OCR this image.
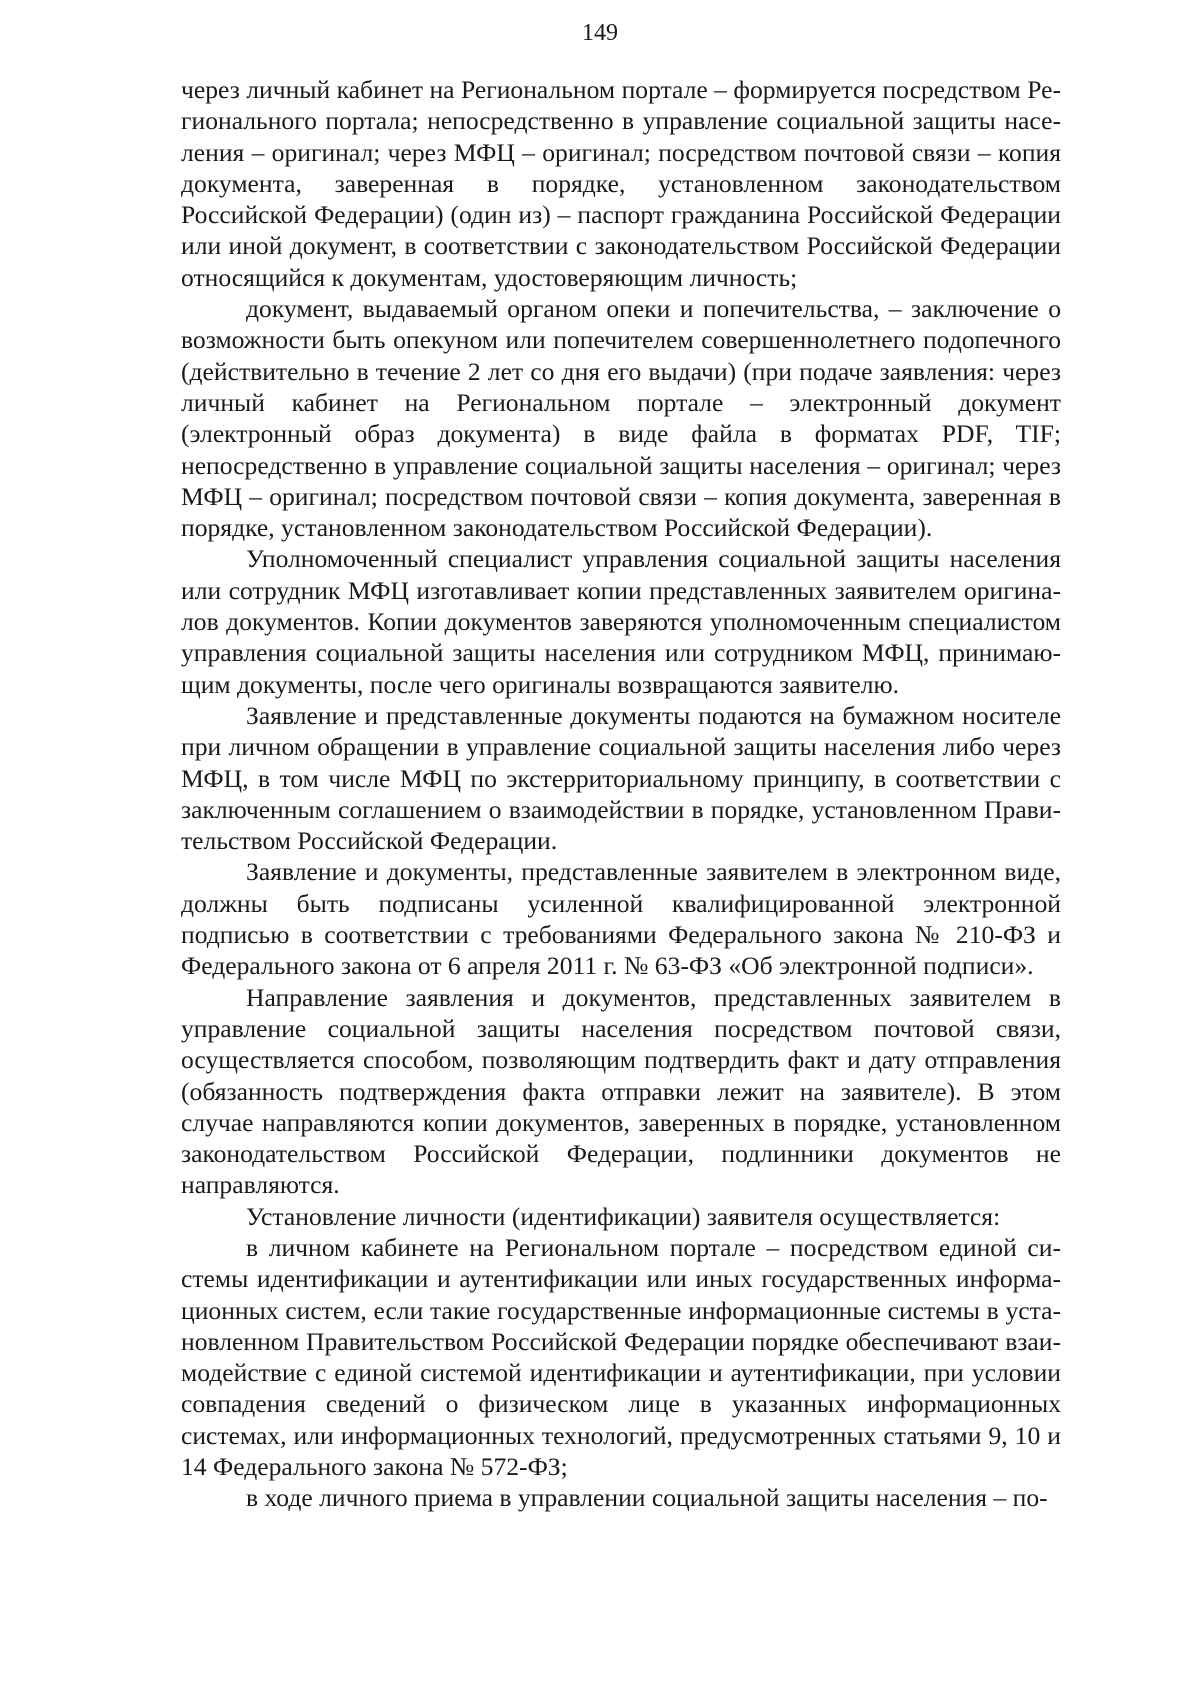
149

через личный кабинет на Региональном портале – формируется посредством Регионального портала; непосредственно в управление социальной защиты населения – оригинал; через МФЦ – оригинал; посредством почтовой связи – копия документа, заверенная в порядке, установленном законодательством Российской Федерации) (один из) – паспорт гражданина Российской Федерации или иной документ, в соответствии с законодательством Российской Федерации относящийся к документам, удостоверяющим личность;

документ, выдаваемый органом опеки и попечительства, – заключение о возможности быть опекуном или попечителем совершеннолетнего подопечного (действительно в течение 2 лет со дня его выдачи) (при подаче заявления: через личный кабинет на Региональном портале – электронный документ (электронный образ документа) в виде файла в форматах PDF, TIF; непосредственно в управление социальной защиты населения – оригинал; через МФЦ – оригинал; посредством почтовой связи – копия документа, заверенная в порядке, установленном законодательством Российской Федерации).

Уполномоченный специалист управления социальной защиты населения или сотрудник МФЦ изготавливает копии представленных заявителем оригиналов документов. Копии документов заверяются уполномоченным специалистом управления социальной защиты населения или сотрудником МФЦ, принимающим документы, после чего оригиналы возвращаются заявителю.

Заявление и представленные документы подаются на бумажном носителе при личном обращении в управление социальной защиты населения либо через МФЦ, в том числе МФЦ по экстерриториальному принципу, в соответствии с заключенным соглашением о взаимодействии в порядке, установленном Правительством Российской Федерации.

Заявление и документы, представленные заявителем в электронном виде, должны быть подписаны усиленной квалифицированной электронной подписью в соответствии с требованиями Федерального закона № 210-ФЗ и Федерального закона от 6 апреля 2011 г. № 63-ФЗ «Об электронной подписи».

Направление заявления и документов, представленных заявителем в управление социальной защиты населения посредством почтовой связи, осуществляется способом, позволяющим подтвердить факт и дату отправления (обязанность подтверждения факта отправки лежит на заявителе). В этом случае направляются копии документов, заверенных в порядке, установленном законодательством Российской Федерации, подлинники документов не направляются.

Установление личности (идентификации) заявителя осуществляется:

в личном кабинете на Региональном портале – посредством единой системы идентификации и аутентификации или иных государственных информационных систем, если такие государственные информационные системы в установленном Правительством Российской Федерации порядке обеспечивают взаимодействие с единой системой идентификации и аутентификации, при условии совпадения сведений о физическом лице в указанных информационных системах, или информационных технологий, предусмотренных статьями 9, 10 и 14 Федерального закона № 572-ФЗ;

в ходе личного приема в управлении социальной защиты населения – по-
